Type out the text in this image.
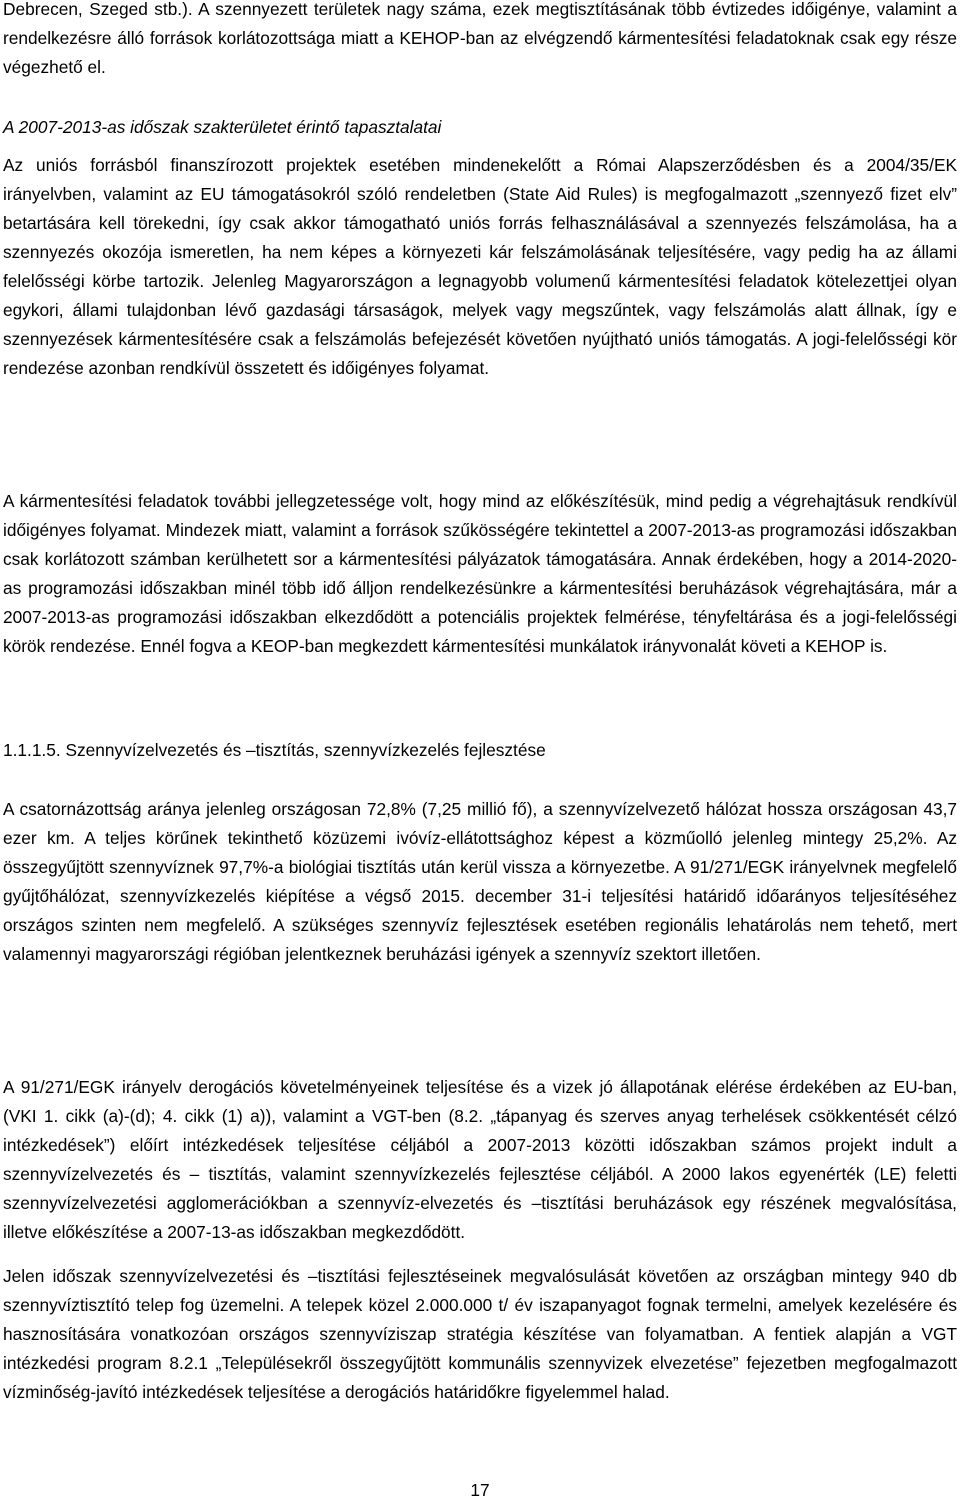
Debrecen, Szeged stb.). A szennyezett területek nagy száma, ezek megtisztításának több évtizedes időigénye, valamint a rendelkezésre álló források korlátozottsága miatt a KEHOP-ban az elvégzendő kármentesítési feladatoknak csak egy része végezhető el.

A 2007-2013-as időszak szakterületet érintő tapasztalatai

Az uniós forrásból finanszírozott projektek esetében mindenekelőtt a Római Alapszerződésben és a 2004/35/EK irányelvben, valamint az EU támogatásokról szóló rendeletben (State Aid Rules) is megfogalmazott „szennyező fizet elv” betartására kell törekedni, így csak akkor támogatható uniós forrás felhasználásával a szennyezés felszámolása, ha a szennyezés okozója ismeretlen, ha nem képes a környezeti kár felszámolásának teljesítésére, vagy pedig ha az állami felelősségi körbe tartozik. Jelenleg Magyarországon a legnagyobb volumenű kármentesítési feladatok kötelezettjei olyan egykori, állami tulajdonban lévő gazdasági társaságok, melyek vagy megszűntek, vagy felszámolás alatt állnak, így e szennyezések kármentesítésére csak a felszámolás befejezését követően nyújtható uniós támogatás. A jogi-felelősségi kör rendezése azonban rendkívül összetett és időigényes folyamat.

A kármentesítési feladatok további jellegzetessége volt, hogy mind az előkészítésük, mind pedig a végrehajtásuk rendkívül időigényes folyamat. Mindezek miatt, valamint a források szűkösségére tekintettel a 2007-2013-as programozási időszakban csak korlátozott számban kerülhetett sor a kármentesítési pályázatok támogatására. Annak érdekében, hogy a 2014-2020-as programozási időszakban minél több idő álljon rendelkezésünkre a kármentesítési beruházások végrehajtására, már a 2007-2013-as programozási időszakban elkezdődött a potenciális projektek felmérése, tényfeltárása és a jogi-felelősségi körök rendezése. Ennél fogva a KEOP-ban megkezdett kármentesítési munkálatok irányvonalát követi a KEHOP is.

1.1.1.5. Szennyvízelvezetés és –tisztítás, szennyvízkezelés fejlesztése

A csatornázottság aránya jelenleg országosan 72,8% (7,25 millió fő), a szennyvízelvezető hálózat hossza országosan 43,7 ezer km. A teljes körűnek tekinthető közüzemi ivóvíz-ellátottsághoz képest a közműolló jelenleg mintegy 25,2%. Az összegyűjtött szennyvíznek 97,7%-a biológiai tisztítás után kerül vissza a környezetbe. A 91/271/EGK irányelvnek megfelelő gyűjtőhálózat, szennyvízkezelés kiépítése a végső 2015. december 31-i teljesítési határidő időarányos teljesítéséhez országos szinten nem megfelelő. A szükséges szennyvíz fejlesztések esetében regionális lehatárolás nem tehető, mert valamennyi magyarországi régióban jelentkeznek beruházási igények a szennyvíz szektort illetően.

A 91/271/EGK irányelv derogációs követelményeinek teljesítése és a vizek jó állapotának elérése érdekében az EU-ban, (VKI 1. cikk (a)-(d); 4. cikk (1) a)), valamint a VGT-ben (8.2. „tápanyag és szerves anyag terhelések csökkentését célzó intézkedések”) előírt intézkedések teljesítése céljából a 2007-2013 közötti időszakban számos projekt indult a szennyvízelvezetés és – tisztítás, valamint szennyvízkezelés fejlesztése céljából. A 2000 lakos egyenérték (LE) feletti szennyvízelvezetési agglomerációkban a szennyvíz-elvezetés és –tisztítási beruházások egy részének megvalósítása, illetve előkészítése a 2007-13-as időszakban megkezdődött.

Jelen időszak szennyvízelvezetési és –tisztítási fejlesztéseinek megvalósulását követően az országban mintegy 940 db szennyvíztisztító telep fog üzemelni. A telepek közel 2.000.000 t/ év iszapanyagot fognak termelni, amelyek kezelésére és hasznosítására vonatkozóan országos szennyvíziszap stratégia készítése van folyamatban. A fentiek alapján a VGT intézkedési program 8.2.1 „Településekről összegyűjtött kommunális szennyvizek elvezetése” fejezetben megfogalmazott vízminőség-javító intézkedések teljesítése a derogációs határidőkre figyelemmel halad.

17
